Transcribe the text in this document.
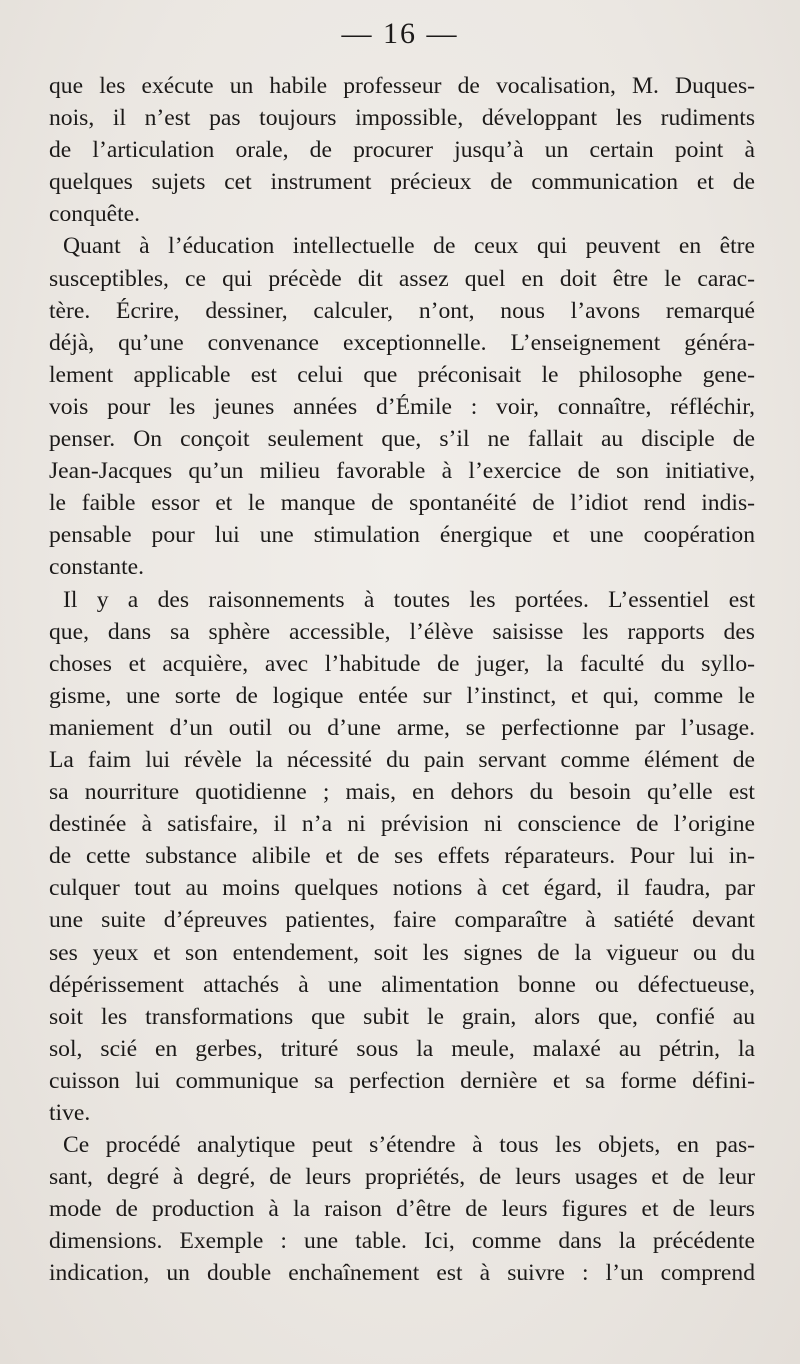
— 16 —
que les exécute un habile professeur de vocalisation, M. Duques-
nois, il n’est pas toujours impossible, développant les rudiments
de l’articulation orale, de procurer jusqu’à un certain point à
quelques sujets cet instrument précieux de communication et de
conquête.
Quant à l’éducation intellectuelle de ceux qui peuvent en être
susceptibles, ce qui précède dit assez quel en doit être le carac-
tère. Écrire, dessiner, calculer, n’ont, nous l’avons remarqué
déjà, qu’une convenance exceptionnelle. L’enseignement généra-
lement applicable est celui que préconisait le philosophe gene-
vois pour les jeunes années d’Émile : voir, connaître, réfléchir,
penser. On conçoit seulement que, s’il ne fallait au disciple de
Jean-Jacques qu’un milieu favorable à l’exercice de son initiative,
le faible essor et le manque de spontanéité de l’idiot rend indis-
pensable pour lui une stimulation énergique et une coopération
constante.
Il y a des raisonnements à toutes les portées. L’essentiel est
que, dans sa sphère accessible, l’élève saisisse les rapports des
choses et acquière, avec l’habitude de juger, la faculté du syllo-
gisme, une sorte de logique entée sur l’instinct, et qui, comme le
maniement d’un outil ou d’une arme, se perfectionne par l’usage.
La faim lui révèle la nécessité du pain servant comme élément de
sa nourriture quotidienne ; mais, en dehors du besoin qu’elle est
destinée à satisfaire, il n’a ni prévision ni conscience de l’origine
de cette substance alibile et de ses effets réparateurs. Pour lui in-
culquer tout au moins quelques notions à cet égard, il faudra, par
une suite d’épreuves patientes, faire comparaître à satiété devant
ses yeux et son entendement, soit les signes de la vigueur ou du
dépérissement attachés à une alimentation bonne ou défectueuse,
soit les transformations que subit le grain, alors que, confié au
sol, scié en gerbes, trituré sous la meule, malaxé au pétrin, la
cuisson lui communique sa perfection dernière et sa forme défini-
tive.
Ce procédé analytique peut s’étendre à tous les objets, en pas-
sant, degré à degré, de leurs propriétés, de leurs usages et de leur
mode de production à la raison d’être de leurs figures et de leurs
dimensions. Exemple : une table. Ici, comme dans la précédente
indication, un double enchaînement est à suivre : l’un comprend
